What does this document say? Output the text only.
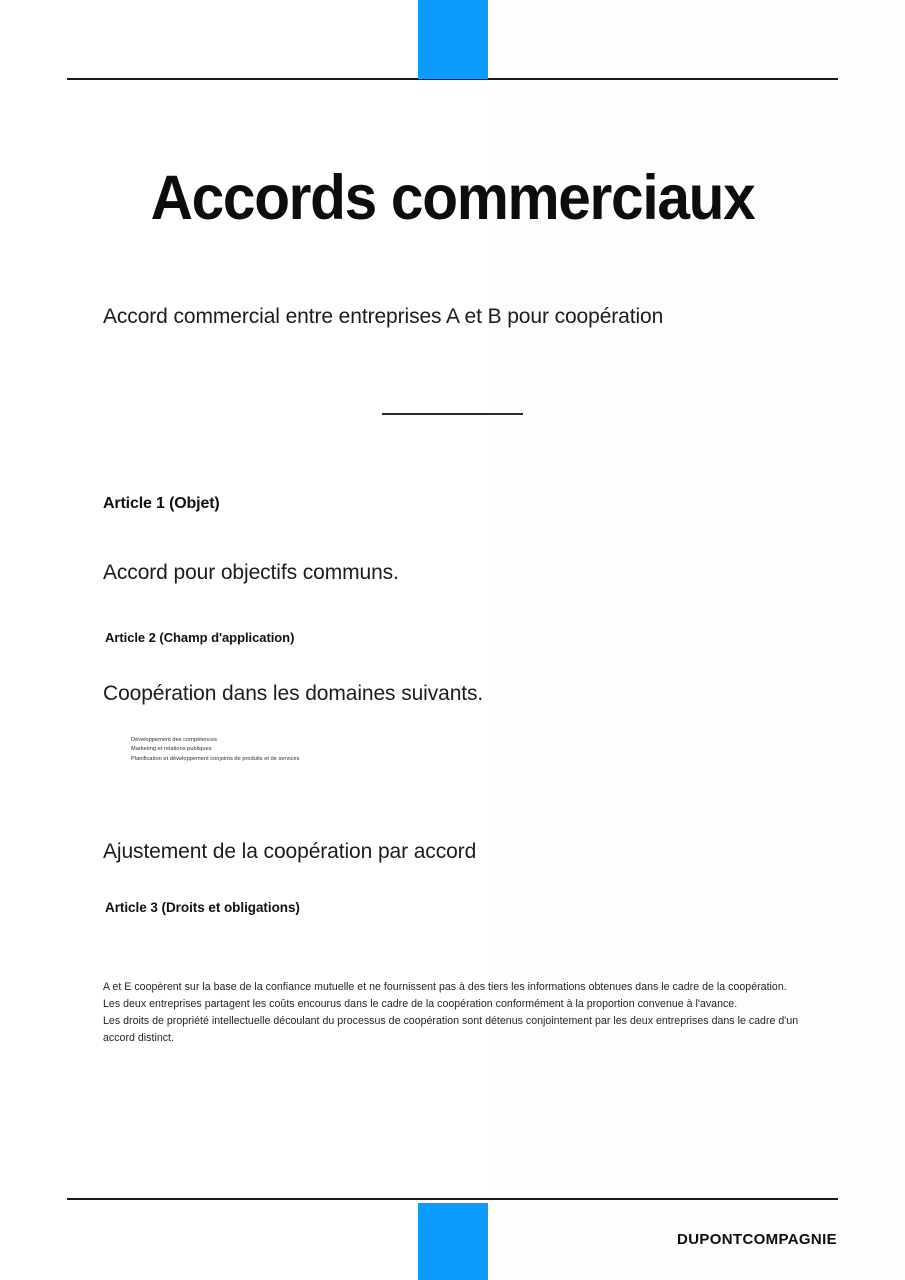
Accords commerciaux

Accord commercial entre entreprises A et B pour coopération

Article 1 (Objet)

Accord pour objectifs communs.

Article 2 (Champ d'application)

Coopération dans les domaines suivants.

Développement des compétences
Marketing et relations publiques
Planification et développement conjoints de produits et de services

Ajustement de la coopération par accord

Article 3 (Droits et obligations)

A et E coopèrent sur la base de la confiance mutuelle et ne fournissent pas à des tiers les informations obtenues dans le cadre de la coopération.

Les deux entreprises partagent les coûts encourus dans le cadre de la coopération conformément à la proportion convenue à l'avance.

Les droits de propriété intellectuelle découlant du processus de coopération sont détenus conjointement par les deux entreprises dans le cadre d'un accord distinct.

DUPONTCOMPAGNIE
